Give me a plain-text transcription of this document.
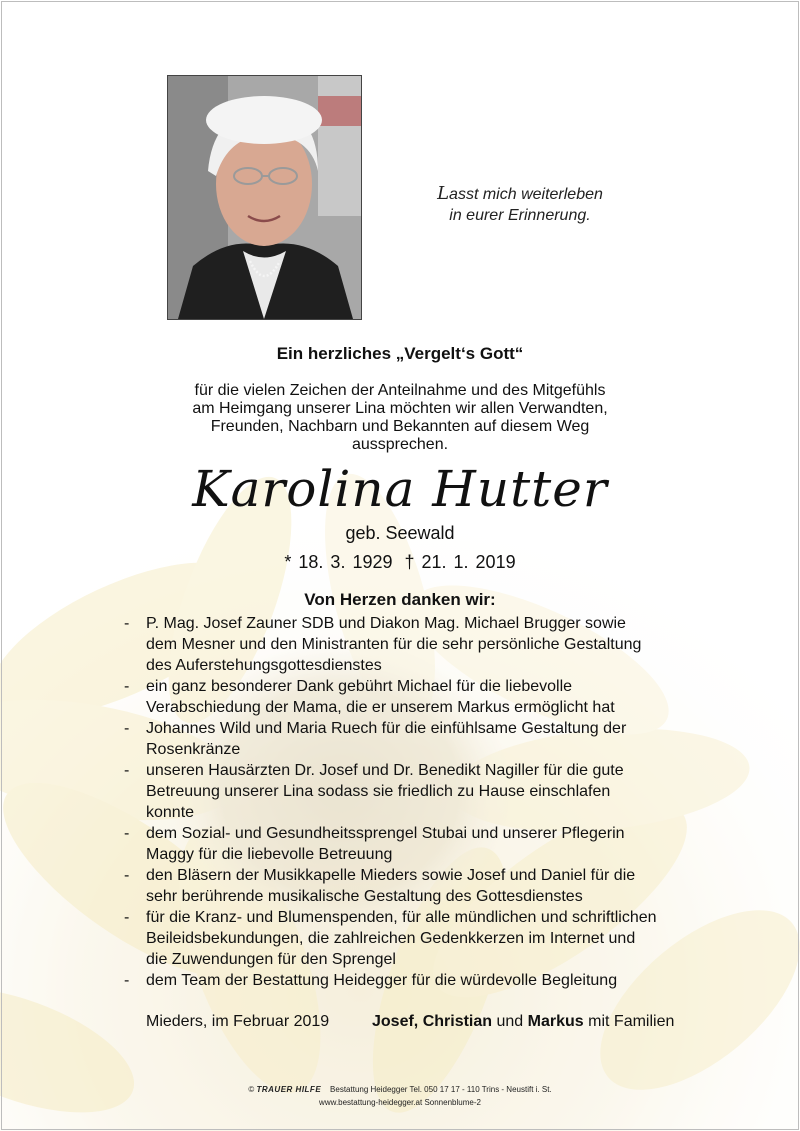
Lasst mich weiterleben
in eurer Erinnerung.
Ein herzliches „Vergelt‘s Gott“
für die vielen Zeichen der Anteilnahme und des Mitgefühls
am Heimgang unserer Lina möchten wir allen Verwandten,
Freunden, Nachbarn und Bekannten auf diesem Weg
aussprechen.
Karolina Hutter
geb. Seewald
* 18. 3. 1929 † 21. 1. 2019
Von Herzen danken wir:
- P. Mag. Josef Zauner SDB und Diakon Mag. Michael Brugger sowie
dem Mesner und den Ministranten für die sehr persönliche Gestaltung
des Auferstehungsgottesdienstes
- ein ganz besonderer Dank gebührt Michael für die liebevolle
Verabschiedung der Mama, die er unserem Markus ermöglicht hat
- Johannes Wild und Maria Ruech für die einfühlsame Gestaltung der
Rosenkränze
- unseren Hausärzten Dr. Josef und Dr. Benedikt Nagiller für die gute
Betreuung unserer Lina sodass sie friedlich zu Hause einschlafen
konnte
- dem Sozial- und Gesundheitssprengel Stubai und unserer Pflegerin
Maggy für die liebevolle Betreuung
- den Bläsern der Musikkapelle Mieders sowie Josef und Daniel für die
sehr berührende musikalische Gestaltung des Gottesdienstes
- für die Kranz- und Blumenspenden, für alle mündlichen und schriftlichen
Beileidsbekundungen, die zahlreichen Gedenkkerzen im Internet und
die Zuwendungen für den Sprengel
- dem Team der Bestattung Heidegger für die würdevolle Begleitung
Mieders, im Februar 2019	Josef, Christian und Markus mit Familien
© TRAUER HILFE Bestattung Heidegger Tel. 050 17 17 - 110 Trins - Neustift i. St.
www.bestattung-heidegger.at Sonnenblume-2
